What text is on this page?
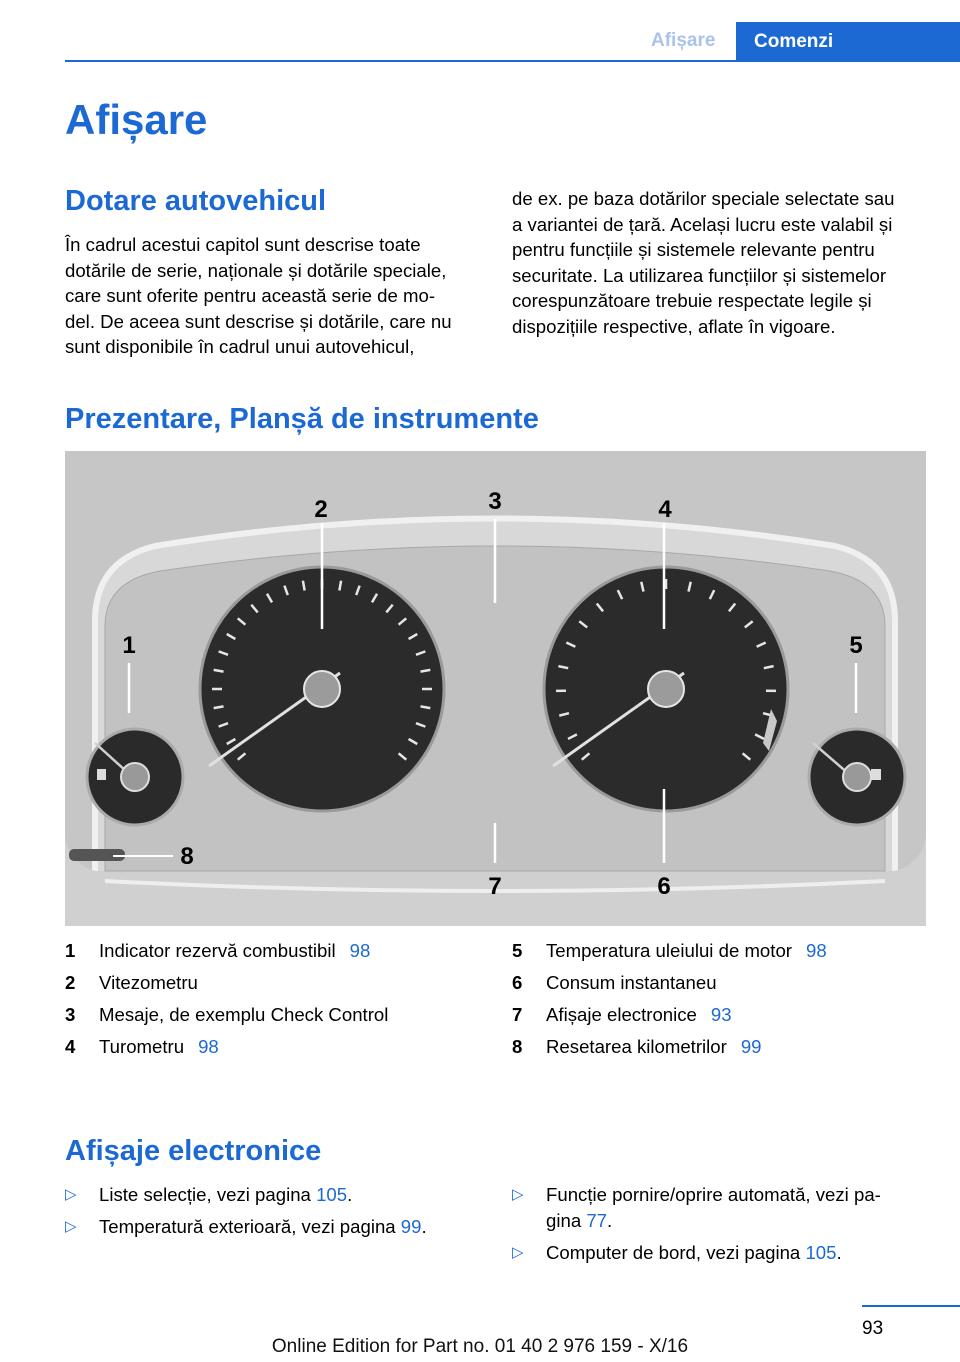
Afișare	Comenzi
Afișare
Dotare autovehicul
În cadrul acestui capitol sunt descrise toate
dotările de serie, naționale și dotările speciale,
care sunt oferite pentru această serie de mo‐
del. De aceea sunt descrise și dotările, care nu
sunt disponibile în cadrul unui autovehicul,
de ex. pe baza dotărilor speciale selectate sau
a variantei de țară. Același lucru este valabil și
pentru funcțiile și sistemele relevante pentru
securitate. La utilizarea funcțiilor și sistemelor
corespunzătoare trebuie respectate legile și
dispozițiile respective, aflate în vigoare.
Prezentare, Planșă de instrumente
1
2	3	4
5
6
7
8
1 Indicator rezervă combustibil 98
2 Vitezometru
3 Mesaje, de exemplu Check Control
4 Turometru 98
5 Temperatura uleiului de motor 98
6 Consum instantaneu
7 Afișaje electronice 93
8 Resetarea kilometrilor 99
Afișaje electronice
▷ Liste selecție, vezi pagina 105.
▷ Temperatură exterioară, vezi pagina 99.
▷ Funcție pornire/oprire automată, vezi pa‐
gina 77.
▷ Computer de bord, vezi pagina 105.
93
Online Edition for Part no. 01 40 2 976 159 - X/16
